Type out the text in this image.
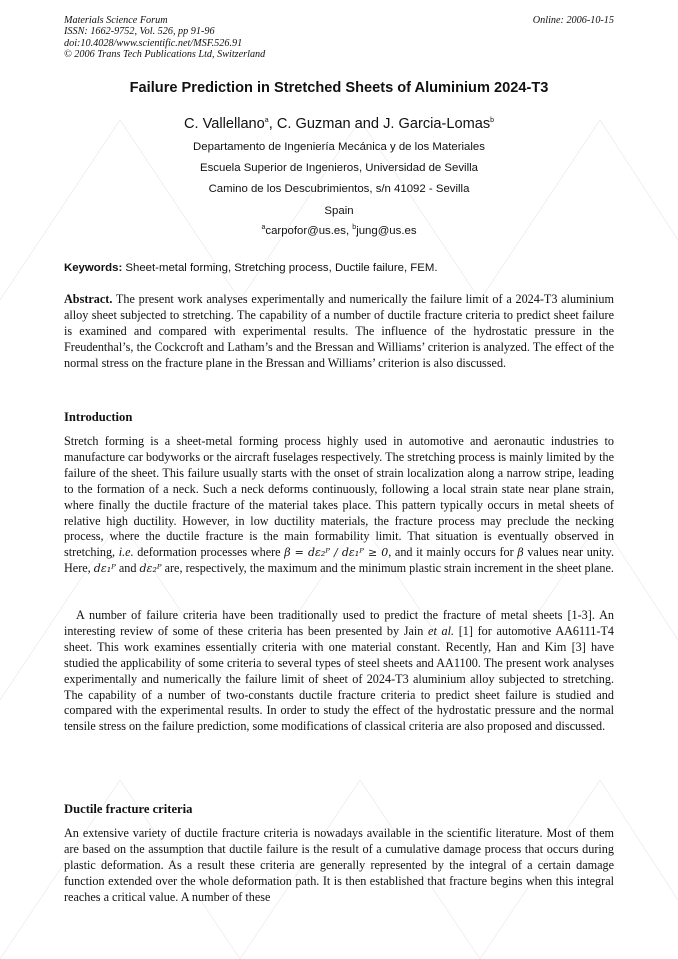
Materials Science Forum
ISSN: 1662-9752, Vol. 526, pp 91-96
doi:10.4028/www.scientific.net/MSF.526.91
© 2006 Trans Tech Publications Ltd, Switzerland
Online: 2006-10-15
Failure Prediction in Stretched Sheets of Aluminium 2024-T3
C. Vallellano$^a$, C. Guzman and J. Garcia-Lomas$^b$
Departamento de Ingeniería Mecánica y de los Materiales
Escuela Superior de Ingenieros, Universidad de Sevilla
Camino de los Descubrimientos, s/n 41092 - Sevilla
Spain
$^a$carpofor@us.es, $^b$jung@us.es
Keywords: Sheet-metal forming, Stretching process, Ductile failure, FEM.

Abstract. The present work analyses experimentally and numerically the failure limit of a 2024-T3 aluminium alloy sheet subjected to stretching. The capability of a number of ductile fracture criteria to predict sheet failure is examined and compared with experimental results. The influence of the hydrostatic pressure in the Freudenthal’s, the Cockcroft and Latham’s and the Bressan and Williams’ criterion is analyzed. The effect of the normal stress on the fracture plane in the Bressan and Williams’ criterion is also discussed.

Introduction

Stretch forming is a sheet-metal forming process highly used in automotive and aeronautic industries to manufacture car bodyworks or the aircraft fuselages respectively. The stretching process is mainly limited by the failure of the sheet. This failure usually starts with the onset of strain localization along a narrow stripe, leading to the formation of a neck. Such a neck deforms continuously, following a local strain state near plane strain, where finally the ductile fracture of the material takes place. This pattern typically occurs in metal sheets of relative high ductility. However, in low ductility materials, the fracture process may preclude the necking process, where the ductile fracture is the main formability limit. That situation is eventually observed in stretching, i.e. deformation processes where β = dε₂ᴾ / dε₁ᴾ ≥ 0, and it mainly occurs for β values near unity. Here, dε₁ᴾ and dε₂ᴾ are, respectively, the maximum and the minimum plastic strain increment in the sheet plane.

A number of failure criteria have been traditionally used to predict the fracture of metal sheets [1-3]. An interesting review of some of these criteria has been presented by Jain et al. [1] for automotive AA6111-T4 sheet. This work examines essentially criteria with one material constant. Recently, Han and Kim [3] have studied the applicability of some criteria to several types of steel sheets and AA1100. The present work analyses experimentally and numerically the failure limit of sheet of 2024-T3 aluminium alloy subjected to stretching. The capability of a number of two-constants ductile fracture criteria to predict sheet failure is studied and compared with the experimental results. In order to study the effect of the hydrostatic pressure and the normal tensile stress on the failure prediction, some modifications of classical criteria are also proposed and discussed.

Ductile fracture criteria

An extensive variety of ductile fracture criteria is nowadays available in the scientific literature. Most of them are based on the assumption that ductile failure is the result of a cumulative damage process that occurs during plastic deformation. As a result these criteria are generally represented by the integral of a certain damage function extended over the whole deformation path. It is then established that fracture begins when this integral reaches a critical value. A number of these
